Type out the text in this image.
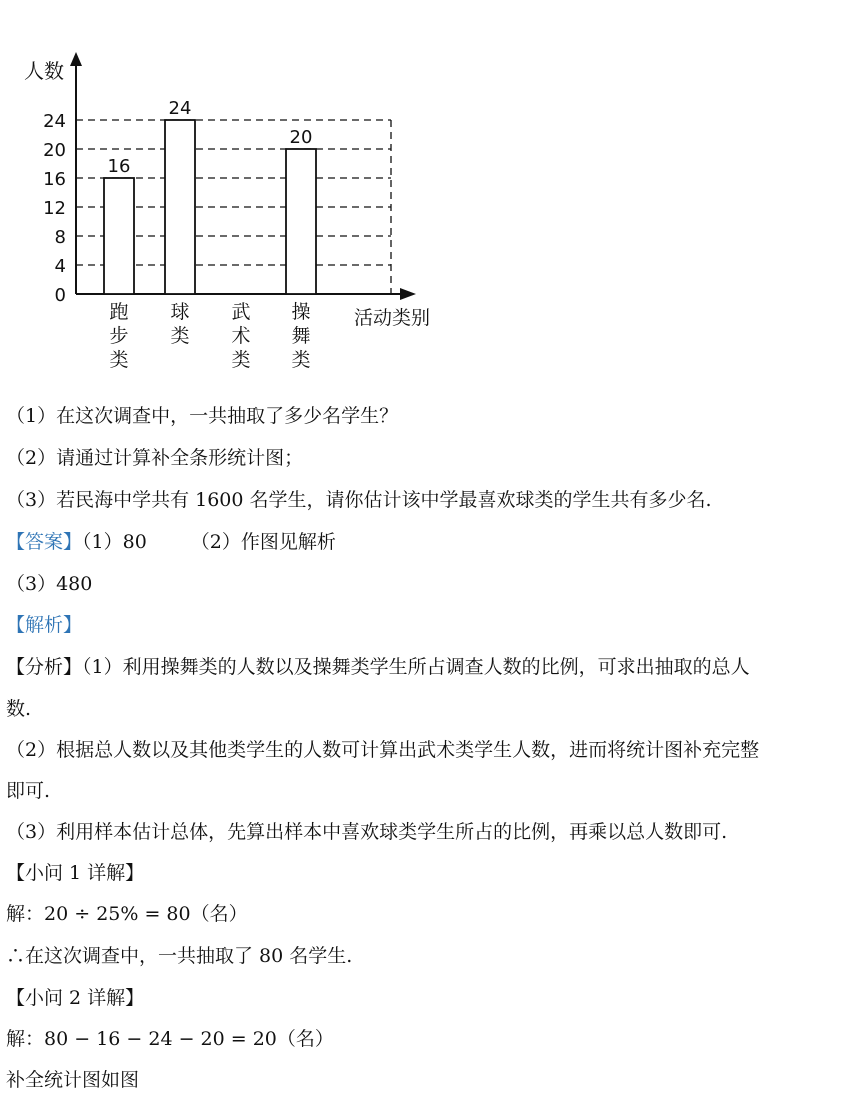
0
4
8
12
16
20
24
人数
活动类别
16
跑步类
24
球类
武术类
20
操舞类
（1）在这次调查中，一共抽取了多少名学生？
（2）请通过计算补全条形统计图；
（3）若民海中学共有 1600 名学生，请你估计该中学最喜欢球类的学生共有多少名.
【答案】（1）80 （2）作图见解析
（3）480
【解析】
【分析】（1）利用操舞类的人数以及操舞类学生所占调查人数的比例，可求出抽取的总人
数.
（2）根据总人数以及其他类学生的人数可计算出武术类学生人数，进而将统计图补充完整
即可.
（3）利用样本估计总体，先算出样本中喜欢球类学生所占的比例，再乘以总人数即可.
【小问 1 详解】
解：20 ÷ 25% = 80（名）
∴在这次调查中，一共抽取了 80 名学生.
【小问 2 详解】
解：80 − 16 − 24 − 20 = 20（名）
补全统计图如图
